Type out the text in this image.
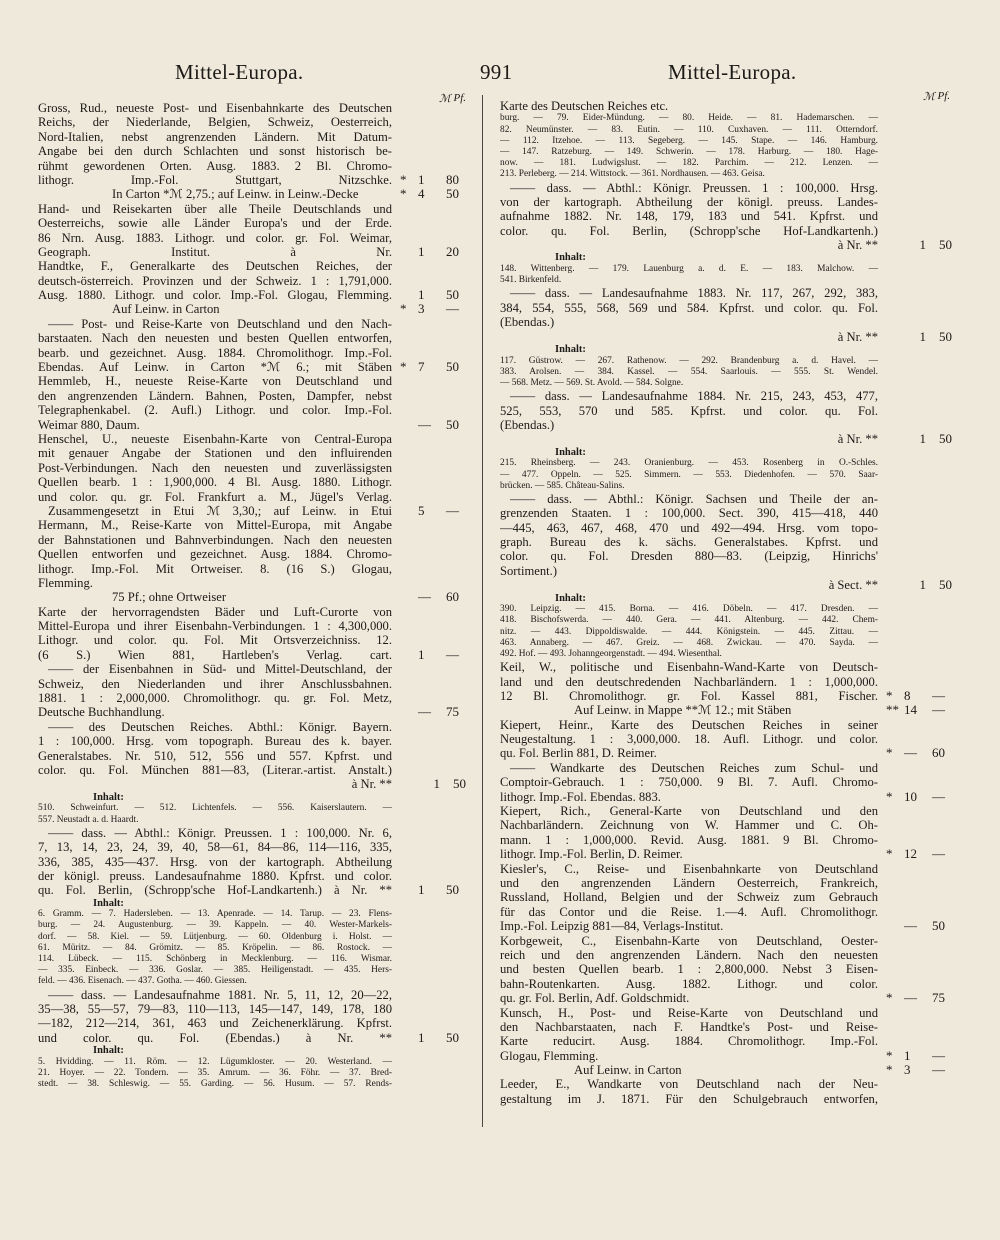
Mittel-Europa.	991	Mittel-Europa.
ℳ
Pf.
Gross, Rud., neueste Post- und Eisenbahnkarte des Deutschen
Reichs, der Niederlande, Belgien, Schweiz, Oesterreich,
Nord-Italien, nebst angrenzenden Ländern. Mit Datum-
Angabe bei den durch Schlachten und sonst historisch be-
rühmt gewordenen Orten. Ausg. 1883. 2 Bl. Chromo-
lithogr. Imp.-Fol. Stuttgart, Nitzschke. * 1	80
In Carton *ℳ 2,75.; auf Leinw. in Leinw.-Decke	* 4	50
Hand- und Reisekarten über alle Theile Deutschlands und
Oesterreichs, sowie alle Länder Europa's und der Erde.
86 Nrn. Ausg. 1883. Lithogr. und color. gr. Fol. Weimar,
Geograph. Institut. à Nr. 1	20
Handtke, F., Generalkarte des Deutschen Reiches, der
deutsch-österreich. Provinzen und der Schweiz. 1 : 1,791,000.
Ausg. 1880. Lithogr. und color. Imp.-Fol. Glogau, Flemming. 1	50
Auf Leinw. in Carton	* 3	—
—— Post- und Reise-Karte von Deutschland und den Nach-
barstaaten. Nach den neuesten und besten Quellen entworfen,
bearb. und gezeichnet. Ausg. 1884. Chromolithogr. Imp.-Fol.
Ebendas. Auf Leinw. in Carton *ℳ 6.; mit Stäben * 7	50
Hemmleb, H., neueste Reise-Karte von Deutschland und
den angrenzenden Ländern. Bahnen, Posten, Dampfer, nebst
Telegraphenkabel. (2. Aufl.) Lithogr. und color. Imp.-Fol.
Weimar 880, Daum.	—	50
Henschel, U., neueste Eisenbahn-Karte von Central-Europa
mit genauer Angabe der Stationen und den influirenden
Post-Verbindungen. Nach den neuesten und zuverlässigsten
Quellen bearb. 1 : 1,900,000. 4 Bl. Ausg. 1880. Lithogr.
und color. qu. gr. Fol. Frankfurt a. M., Jügel's Verlag.
Zusammengesetzt in Etui ℳ 3,30,; auf Leinw. in Etui 5	—
Hermann, M., Reise-Karte von Mittel-Europa, mit Angabe
der Bahnstationen und Bahnverbindungen. Nach den neuesten
Quellen entworfen und gezeichnet. Ausg. 1884. Chromo-
lithogr. Imp.-Fol. Mit Ortweiser. 8. (16 S.) Glogau,
Flemming.
75 Pf.; ohne Ortweiser	—	60
Karte der hervorragendsten Bäder und Luft-Curorte von
Mittel-Europa und ihrer Eisenbahn-Verbindungen. 1 : 4,300,000.
Lithogr. und color. qu. Fol. Mit Ortsverzeichniss. 12.
(6 S.) Wien 881, Hartleben's Verlag. cart. 1	—
—— der Eisenbahnen in Süd- und Mittel-Deutschland, der
Schweiz, den Niederlanden und ihrer Anschlussbahnen.
1881. 1 : 2,000,000. Chromolithogr. qu. gr. Fol. Metz,
Deutsche Buchhandlung.	—	75
—— des Deutschen Reiches. Abthl.: Königr. Bayern.
1 : 100,000. Hrsg. vom topograph. Bureau des k. bayer.
Generalstabes. Nr. 510, 512, 556 und 557. Kpfrst. und
color. qu. Fol. München 881—83, (Literar.-artist. Anstalt.)
à Nr. **	1	50
Inhalt:
510. Schweinfurt. — 512. Lichtenfels. — 556. Kaiserslautern. —
557. Neustadt a. d. Haardt.
—— dass. — Abthl.: Königr. Preussen. 1 : 100,000. Nr. 6,
7, 13, 14, 23, 24, 39, 40, 58—61, 84—86, 114—116, 335,
336, 385, 435—437. Hrsg. von der kartograph. Abtheilung
der königl. preuss. Landesaufnahme 1880. Kpfrst. und color.
qu. Fol. Berlin, (Schropp'sche Hof-Landkartenh.) à Nr. ** 1	50
Inhalt:
6. Gramm. — 7. Hadersleben. — 13. Apenrade. — 14. Tarup. — 23. Flens-
burg. — 24. Augustenburg. — 39. Kappeln. — 40. Wester-Markels-
dorf. — 58. Kiel. — 59. Lütjenburg. — 60. Oldenburg i. Holst. —
61. Müritz. — 84. Grömitz. — 85. Kröpelin. — 86. Rostock. —
114. Lübeck. — 115. Schönberg in Mecklenburg. — 116. Wismar.
— 335. Einbeck. — 336. Goslar. — 385. Heiligenstadt. — 435. Hers-
feld. — 436. Eisenach. — 437. Gotha. — 460. Giessen.
—— dass. — Landesaufnahme 1881. Nr. 5, 11, 12, 20—22,
35—38, 55—57, 79—83, 110—113, 145—147, 149, 178, 180
—182, 212—214, 361, 463 und Zeichenerklärung. Kpfrst.
und color. qu. Fol. (Ebendas.) à Nr. ** 1	50
Inhalt:
5. Hvidding. — 11. Röm. — 12. Lügumkloster. — 20. Westerland. —
21. Hoyer. — 22. Tondern. — 35. Amrum. — 36. Föhr. — 37. Bred-
stedt. — 38. Schleswig. — 55. Garding. — 56. Husum. — 57. Rends-
ℳ
Pf.
Karte des Deutschen Reiches etc.
burg. — 79. Eider-Mündung. — 80. Heide. — 81. Hademarschen. —
82. Neumünster. — 83. Eutin. — 110. Cuxhaven. — 111. Otterndorf.
— 112. Itzehoe. — 113. Segeberg. — 145. Stape. — 146. Hamburg.
— 147. Ratzeburg. — 149. Schwerin. — 178. Harburg. — 180. Hage-
now. — 181. Ludwigslust. — 182. Parchim. — 212. Lenzen. —
213. Perleberg. — 214. Wittstock. — 361. Nordhausen. — 463. Geisa.
—— dass. — Abthl.: Königr. Preussen. 1 : 100,000. Hrsg.
von der kartograph. Abtheilung der königl. preuss. Landes-
aufnahme 1882. Nr. 148, 179, 183 und 541. Kpfrst. und
color. qu. Fol. Berlin, (Schropp'sche Hof-Landkartenh.)
à Nr. **	1	50
Inhalt:
148. Wittenberg. — 179. Lauenburg a. d. E. — 183. Malchow. —
541. Birkenfeld.
—— dass. — Landesaufnahme 1883. Nr. 117, 267, 292, 383,
384, 554, 555, 568, 569 und 584. Kpfrst. und color. qu. Fol.
(Ebendas.)
à Nr. **	1	50
Inhalt:
117. Güstrow. — 267. Rathenow. — 292. Brandenburg a. d. Havel. —
383. Arolsen. — 384. Kassel. — 554. Saarlouis. — 555. St. Wendel.
— 568. Metz. — 569. St. Avold. — 584. Solgne.
—— dass. — Landesaufnahme 1884. Nr. 215, 243, 453, 477,
525, 553, 570 und 585. Kpfrst. und color. qu. Fol.
(Ebendas.)
à Nr. **	1	50
Inhalt:
215. Rheinsberg. — 243. Oranienburg. — 453. Rosenberg in O.-Schles.
— 477. Oppeln. — 525. Simmern. — 553. Diedenhofen. — 570. Saar-
brücken. — 585. Château-Salins.
—— dass. — Abthl.: Königr. Sachsen und Theile der an-
grenzenden Staaten. 1 : 100,000. Sect. 390, 415—418, 440
—445, 463, 467, 468, 470 und 492—494. Hrsg. vom topo-
graph. Bureau des k. sächs. Generalstabes. Kpfrst. und
color. qu. Fol. Dresden 880—83. (Leipzig, Hinrichs'
Sortiment.)
à Sect. **	1	50
Inhalt:
390. Leipzig. — 415. Borna. — 416. Döbeln. — 417. Dresden. —
418. Bischofswerda. — 440. Gera. — 441. Altenburg. — 442. Chem-
nitz. — 443. Dippoldiswalde. — 444. Königstein. — 445. Zittau. —
463. Annaberg. — 467. Greiz. — 468. Zwickau. — 470. Sayda. —
492. Hof. — 493. Johanngeorgenstadt. — 494. Wiesenthal.
Keil, W., politische und Eisenbahn-Wand-Karte von Deutsch-
land und den deutschredenden Nachbarländern. 1 : 1,000,000.
12 Bl. Chromolithogr. gr. Fol. Kassel 881, Fischer. * 8	—
Auf Leinw. in Mappe **ℳ 12.; mit Stäben	** 14	—
Kiepert, Heinr., Karte des Deutschen Reiches in seiner
Neugestaltung. 1 : 3,000,000. 18. Aufl. Lithogr. und color.
qu. Fol. Berlin 881, D. Reimer.	* —	60
—— Wandkarte des Deutschen Reiches zum Schul- und
Comptoir-Gebrauch. 1 : 750,000. 9 Bl. 7. Aufl. Chromo-
lithogr. Imp.-Fol. Ebendas. 883.	* 10	—
Kiepert, Rich., General-Karte von Deutschland und den
Nachbarländern. Zeichnung von W. Hammer und C. Oh-
mann. 1 : 1,000,000. Revid. Ausg. 1881. 9 Bl. Chromo-
lithogr. Imp.-Fol. Berlin, D. Reimer.	* 12	—
Kiesler's, C., Reise- und Eisenbahnkarte von Deutschland
und den angrenzenden Ländern Oesterreich, Frankreich,
Russland, Holland, Belgien und der Schweiz zum Gebrauch
für das Contor und die Reise. 1.—4. Aufl. Chromolithogr.
Imp.-Fol. Leipzig 881—84, Verlags-Institut.	—	50
Korbgeweit, C., Eisenbahn-Karte von Deutschland, Oester-
reich und den angrenzenden Ländern. Nach den neuesten
und besten Quellen bearb. 1 : 2,800,000. Nebst 3 Eisen-
bahn-Routenkarten. Ausg. 1882. Lithogr. und color.
qu. gr. Fol. Berlin, Adf. Goldschmidt.	* —	75
Kunsch, H., Post- und Reise-Karte von Deutschland und
den Nachbarstaaten, nach F. Handtke's Post- und Reise-
Karte reducirt. Ausg. 1884. Chromolithogr. Imp.-Fol.
Glogau, Flemming.	* 1	—
Auf Leinw. in Carton	* 3	—
Leeder, E., Wandkarte von Deutschland nach der Neu-
gestaltung im J. 1871. Für den Schulgebrauch entworfen,
